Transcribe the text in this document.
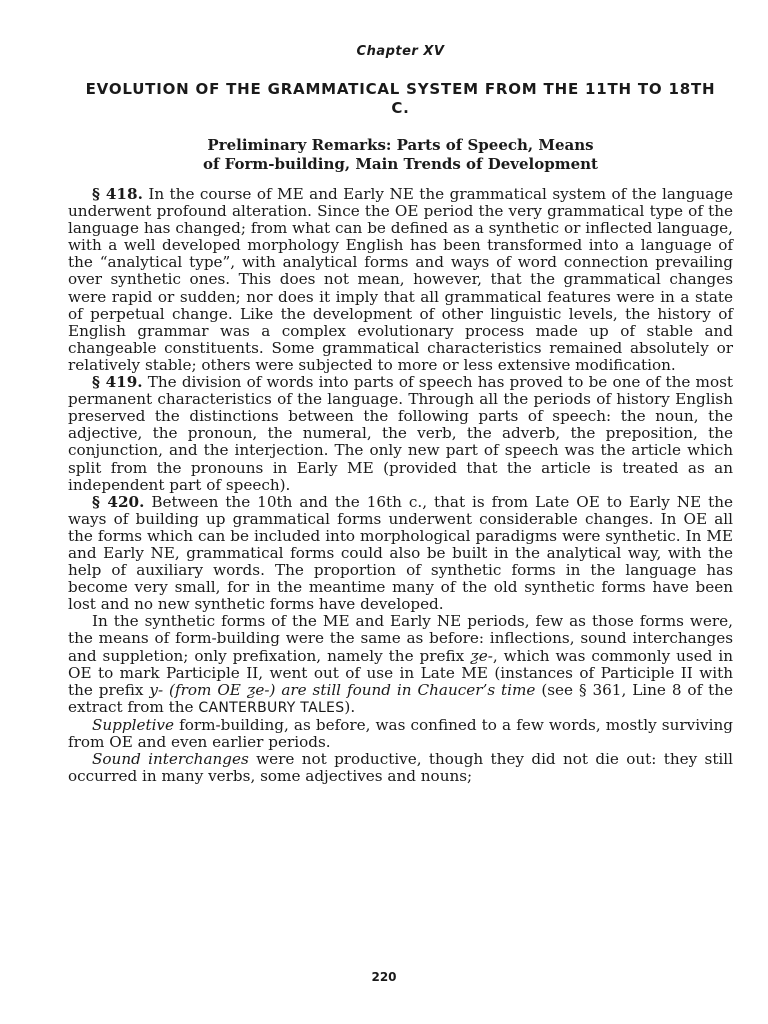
Chapter XV
EVOLUTION OF THE GRAMMATICAL SYSTEM FROM THE 11TH TO 18TH C.
Preliminary Remarks: Parts of Speech, Means
of Form-building, Main Trends of Development

§ 418. In the course of ME and Early NE the grammatical system of the language underwent profound alteration. Since the OE period the very grammatical type of the language has changed; from what can be defined as a synthetic or inflected language, with a well developed morphology English has been transformed into a language of the “analytical type”, with analytical forms and ways of word connection prevailing over synthetic ones. This does not mean, however, that the grammatical changes were rapid or sudden; nor does it imply that all grammatical features were in a state of perpetual change. Like the development of other linguistic levels, the history of English grammar was a complex evolutionary process made up of stable and changeable constituents. Some grammatical characteristics remained absolutely or relatively stable; others were subjected to more or less extensive modification.

§ 419. The division of words into parts of speech has proved to be one of the most permanent characteristics of the language. Through all the periods of history English preserved the distinctions between the following parts of speech: the noun, the adjective, the pronoun, the numeral, the verb, the adverb, the preposition, the conjunction, and the interjection. The only new part of speech was the article which split from the pronouns in Early ME (provided that the article is treated as an independent part of speech).

§ 420. Between the 10th and the 16th c., that is from Late OE to Early NE the ways of building up grammatical forms underwent considerable changes. In OE all the forms which can be included into morphological paradigms were synthetic. In ME and Early NE, grammatical forms could also be built in the analytical way, with the help of auxiliary words. The proportion of synthetic forms in the language has become very small, for in the meantime many of the old synthetic forms have been lost and no new synthetic forms have developed.

In the synthetic forms of the ME and Early NE periods, few as those forms were, the means of form-building were the same as before: inflections, sound interchanges and suppletion; only prefixation, namely the prefix ƺe-, which was commonly used in OE to mark Participle II, went out of use in Late ME (instances of Participle II with the prefix y- (from OE ƺe-) are still found in Chaucer’s time (see § 361, Line 8 of the extract from the CANTERBURY TALES).

Suppletive form-building, as before, was confined to a few words, mostly surviving from OE and even earlier periods.

Sound interchanges were not productive, though they did not die out: they still occurred in many verbs, some adjectives and nouns;

220
